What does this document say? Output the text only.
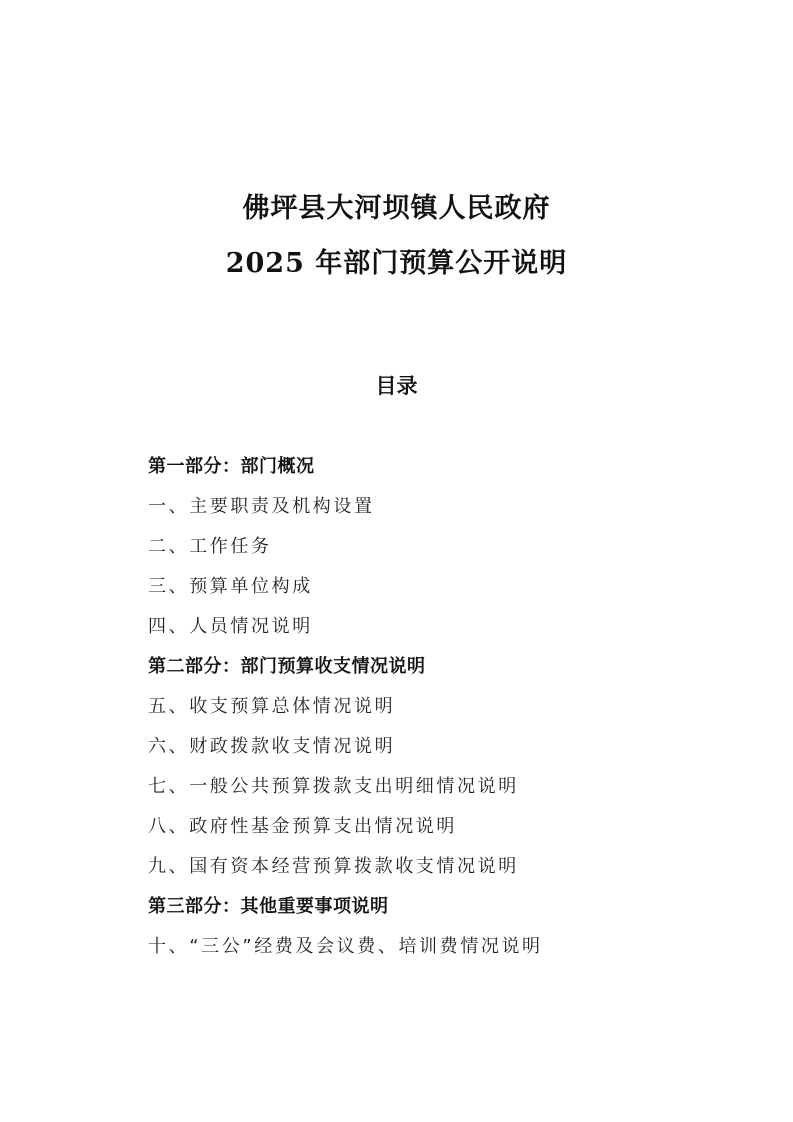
佛坪县大河坝镇人民政府
2025 年部门预算公开说明
目录
第一部分：部门概况
一、主要职责及机构设置
二、工作任务
三、预算单位构成
四、人员情况说明
第二部分：部门预算收支情况说明
五、收支预算总体情况说明
六、财政拨款收支情况说明
七、一般公共预算拨款支出明细情况说明
八、政府性基金预算支出情况说明
九、国有资本经营预算拨款收支情况说明
第三部分：其他重要事项说明
十、“三公”经费及会议费、培训费情况说明
